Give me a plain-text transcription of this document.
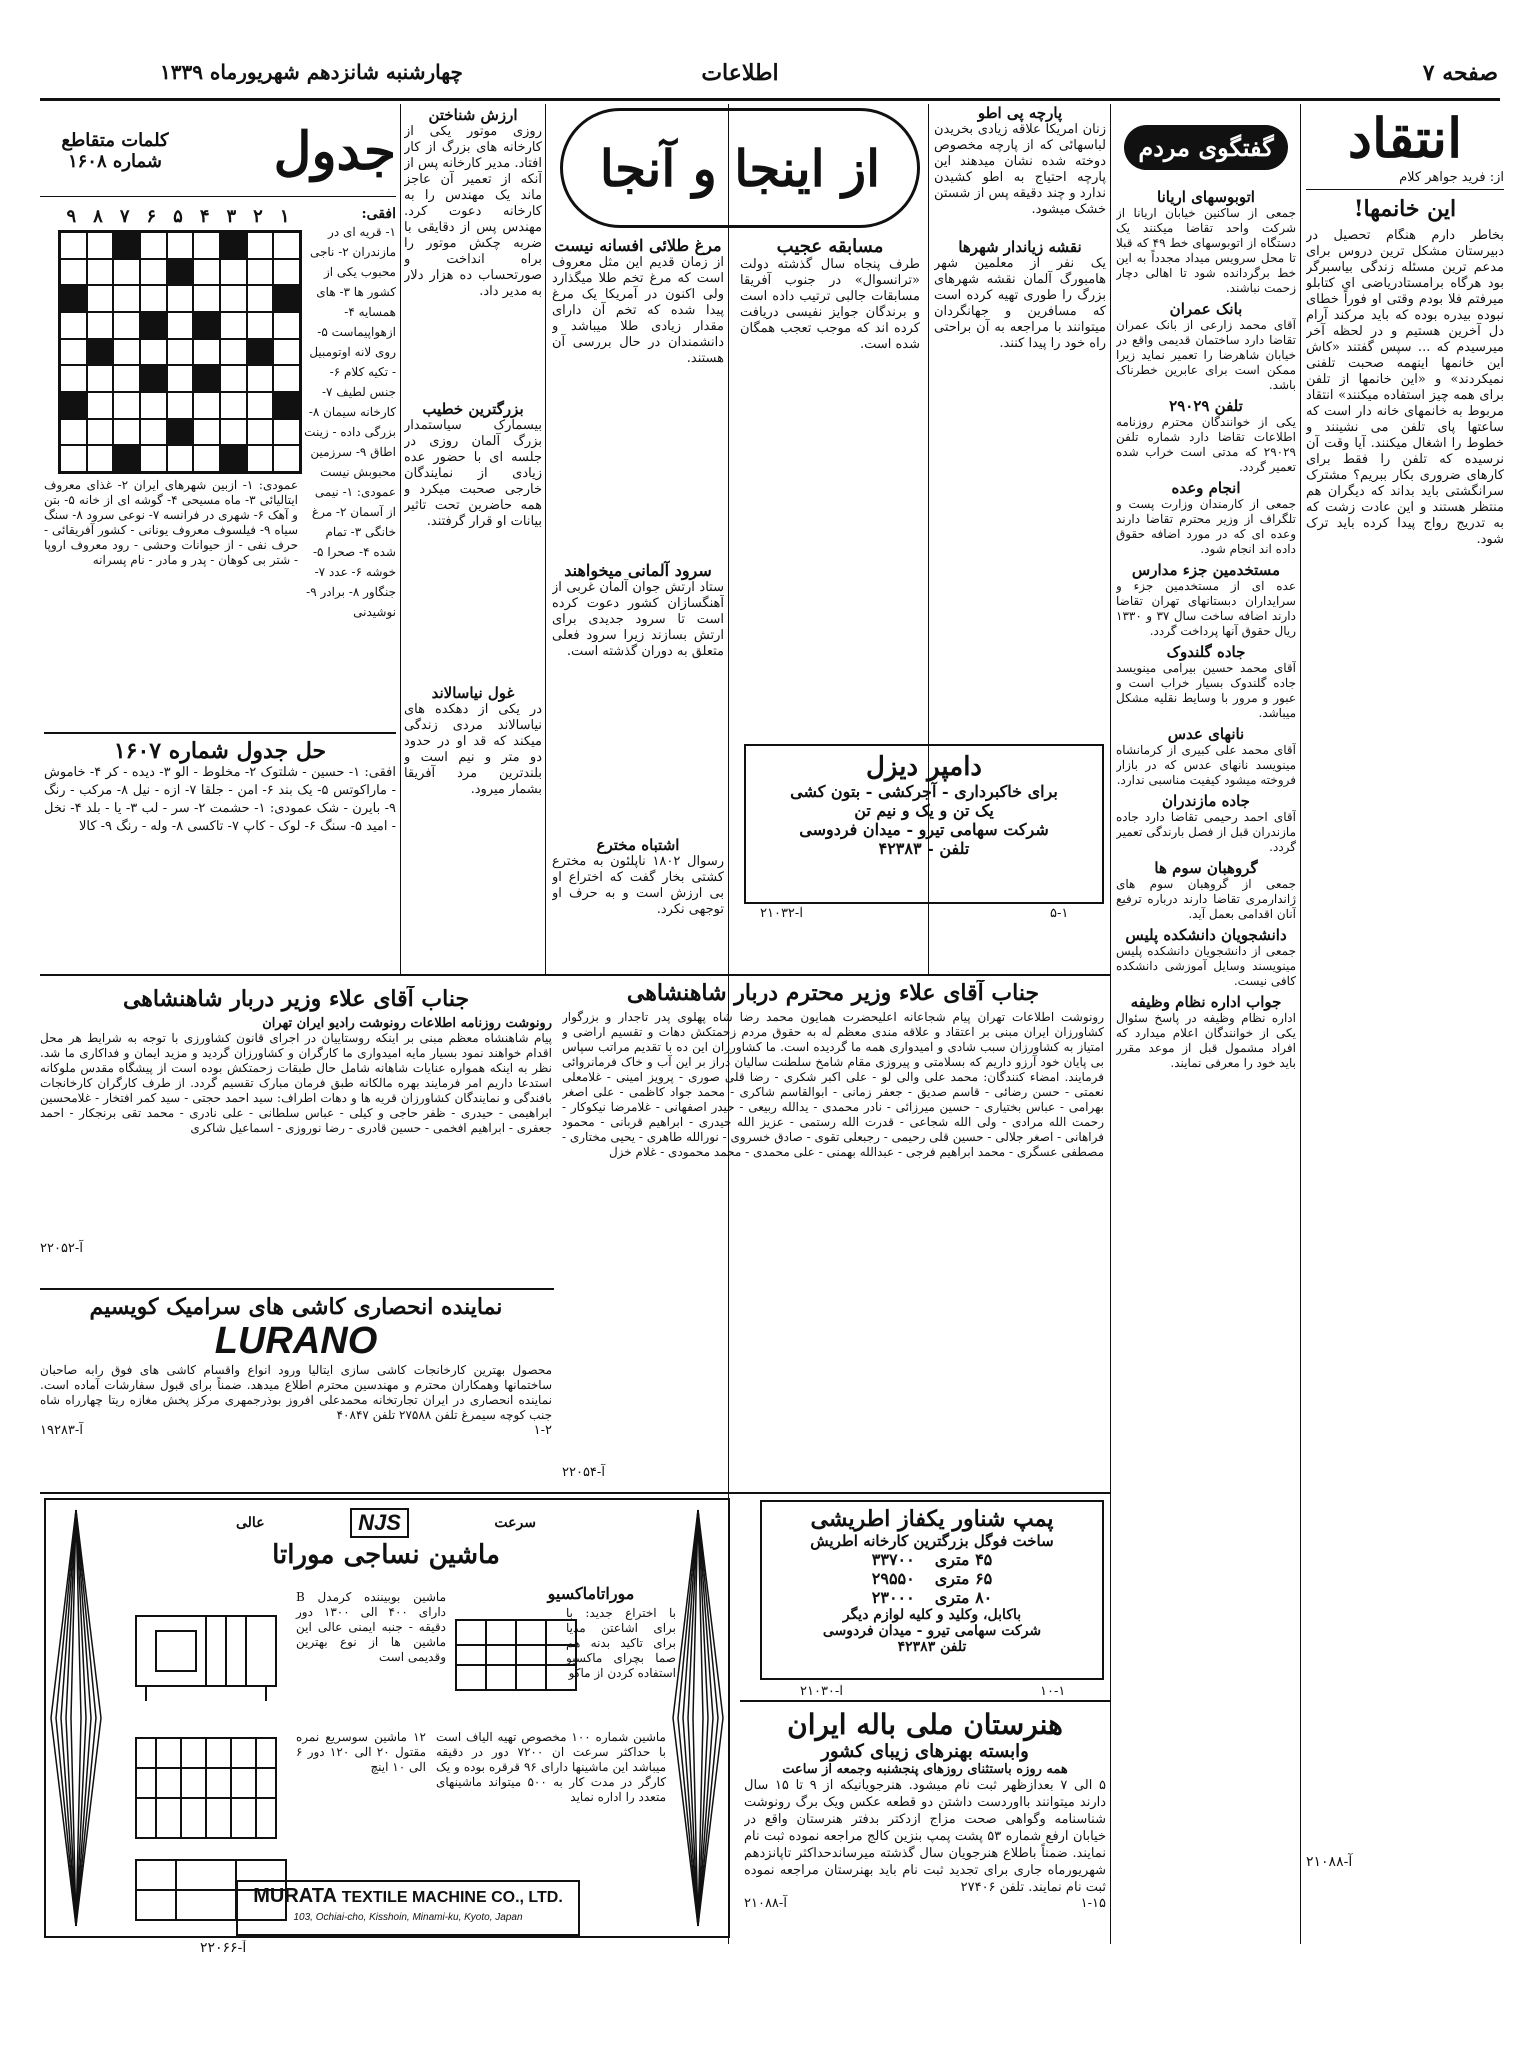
صفحه ۷
اطلاعات
چهارشنبه شانزدهم شهریورماه ۱۳۳۹
انتقاد
از: فرید جواهر کلام
این خانمها!
بخاطر دارم هنگام تحصیل در دبیرستان مشکل ترین دروس برای مدعم ترین مسئله زندگی بیاسبرگر بود هرگاه برامستادریاضی ای کتابلو میرفتم فلا بودم وقتی او فوراً خطای نبوده بیدره بوده که باید مرکند آرام دل آخرین هستیم و در لحظه آخر میرسیدم که ... سپس گفتند «کاش این خانمها اینهمه صحبت تلفنی نمیکردند» و «این خانمها از تلفن برای همه چیز استفاده میکنند» انتقاد مربوط به خانمهای خانه دار است که ساعتها پای تلفن می نشینند و خطوط را اشغال میکنند. آیا وقت آن نرسیده که تلفن را فقط برای کارهای ضروری بکار ببریم؟ مشترک سرانگشتی باید بداند که دیگران هم منتظر هستند و این عادت زشت که به تدریج رواج پیدا کرده باید ترک شود.
آ-۲۱۰۸۸
گفتگوی مردم
اتوبوسهای اریانا
جمعی از ساکنین خیابان اریانا از شرکت واحد تقاضا میکنند یک دستگاه از اتوبوسهای خط ۴۹ که قبلا تا محل سرویس میداد مجدداً به این خط برگردانده شود تا اهالی دچار زحمت نباشند.
بانک عمران
آقای محمد زارعی از بانک عمران تقاضا دارد ساختمان قدیمی واقع در خیابان شاهرضا را تعمیر نماید زیرا ممکن است برای عابرین خطرناک باشد.
تلفن ۲۹۰۲۹
یکی از خوانندگان محترم روزنامه اطلاعات تقاضا دارد شماره تلفن ۲۹۰۲۹ که مدتی است خراب شده تعمیر گردد.
انجام وعده
جمعی از کارمندان وزارت پست و تلگراف از وزیر محترم تقاضا دارند وعده ای که در مورد اضافه حقوق داده اند انجام شود.
مستخدمین جزء مدارس
عده ای از مستخدمین جزء و سرایداران دبستانهای تهران تقاضا دارند اضافه ساخت سال ۳۷ و ۱۳۳۰ ریال حقوق آنها پرداخت گردد.
جاده گلندوک
آقای محمد حسین بیرامی مینویسد جاده گلندوک بسیار خراب است و عبور و مرور با وسایط نقلیه مشکل میباشد.
نانهای عدس
آقای محمد علی کبیری از کرمانشاه مینویسد نانهای عدس که در بازار فروخته میشود کیفیت مناسبی ندارد.
جاده مازندران
آقای احمد رحیمی تقاضا دارد جاده مازندران قبل از فصل بارندگی تعمیر گردد.
گروهبان سوم ها
جمعی از گروهبان سوم های ژاندارمری تقاضا دارند درباره ترفیع آنان اقدامی بعمل آید.
دانشجویان دانشکده پلیس
جمعی از دانشجویان دانشکده پلیس مینویسند وسایل آموزشی دانشکده کافی نیست.
جواب اداره نظام وظیفه
اداره نظام وظیفه در پاسخ سئوال یکی از خوانندگان اعلام میدارد که افراد مشمول قبل از موعد مقرر باید خود را معرفی نمایند.
پارچه پی اطو
زنان امریکا علاقه زیادی بخریدن لباسهائی که از پارچه مخصوص دوخته شده نشان میدهند این پارچه احتیاج به اطو کشیدن ندارد و چند دقیقه پس از شستن خشک میشود.
نقشه زیاندار شهرها
یک نفر از معلمین شهر هامبورگ آلمان نقشه شهرهای بزرگ را طوری تهیه کرده است که مسافرین و جهانگردان میتوانند با مراجعه به آن براحتی راه خود را پیدا کنند.
از اینجا و آنجا
مسابقه عجیب
طرف پنجاه سال گذشته دولت «ترانسوال» در جنوب آفریقا مسابقات جالبی ترتیب داده است و برندگان جوایز نفیسی دریافت کرده اند که موجب تعجب همگان شده است.
مرغ طلائی افسانه نیست
از زمان قدیم این مثل معروف است که مرغ تخم طلا میگذارد ولی اکنون در آمریکا یک مرغ پیدا شده که تخم آن دارای مقدار زیادی طلا میباشد و دانشمندان در حال بررسی آن هستند.
سرود آلمانی میخواهند
ستاد ارتش جوان آلمان غربی از آهنگسازان کشور دعوت کرده است تا سرود جدیدی برای ارتش بسازند زیرا سرود فعلی متعلق به دوران گذشته است.
اشتباه مخترع
رسوال ۱۸۰۲ ناپلئون به مخترع کشتی بخار گفت که اختراع او بی ارزش است و به حرف او توجهی نکرد.
ارزش شناختن
روزی موتور یکی از کارخانه های بزرگ از کار افتاد. مدیر کارخانه پس از آنکه از تعمیر آن عاجز ماند یک مهندس را به کارخانه دعوت کرد. مهندس پس از دقایقی با ضربه چکش موتور را براه انداخت و صورتحساب ده هزار دلار به مدیر داد.
بزرگترین خطیب
بیسمارک سیاستمدار بزرگ آلمان روزی در جلسه ای با حضور عده زیادی از نمایندگان خارجی صحبت میکرد و همه حاضرین تحت تاثیر بیانات او قرار گرفتند.
غول نیاسالاند
در یکی از دهکده های نیاسالاند مردی زندگی میکند که قد او در حدود دو متر و نیم است و بلندترین مرد آفریقا بشمار میرود.
جدول
کلمات متقاطع شماره ۱۶۰۸
۱
۲
۳
۴
۵
۶
۷
۸
۹	افقی:
۱- قریه ای در مازندران ۲- ناجی محبوب یکی از کشور ها ۳- های همسایه ۴- ازهواپیماست ۵- روی لانه اوتومبیل - تکیه کلام ۶- جنس لطیف ۷- کارخانه سیمان ۸- بزرگی داده - زینت اطاق ۹- سرزمین محبوبش نیست عمودی: ۱- نیمی از آسمان ۲- مرغ خانگی ۳- تمام شده ۴- صحرا ۵- خوشه ۶- عدد ۷- جنگاور ۸- برادر ۹- نوشیدنی
عمودی: ۱- ازبین شهرهای ایران ۲- غذای معروف ایتالیائی ۳- ماه مسیحی ۴- گوشه ای از خانه ۵- بتن و آهک ۶- شهری در فرانسه ۷- نوعی سرود ۸- سنگ سیاه ۹- فیلسوف معروف یونانی - کشور آفریقائی - حرف نفی - از حیوانات وحشی - رود معروف اروپا - شتر بی کوهان - پدر و مادر - نام پسرانه
حل جدول شماره ۱۶۰۷
افقی: ۱- حسین - شلتوک ۲- مخلوط - الو ۳- دیده - کر ۴- خاموش - ماراکوتس ۵- یک بند ۶- امن - جلقا ۷- ازه - نیل ۸- مرکب - رنگ ۹- بایرن - شک عمودی: ۱- حشمت ۲- سر - لب ۳- یا - بلد ۴- نخل - امید ۵- سنگ ۶- لوک - کاپ ۷- تاکسی ۸- وله - رنگ ۹- کالا
دامپر دیزل
برای خاکبرداری - آجرکشی - بتون کشی
یک تن و یک و نیم تن
شرکت سهامی تیرو - میدان فردوسی
تلفن - ۴۲۳۸۳
آ-۲۱۰۳۲	۵-۱
جناب آقای علاء وزیر محترم دربار شاهنشاهی
رونوشت اطلاعات تهران پیام شجاعانه اعلیحضرت همایون محمد رضا شاه پهلوی پدر تاجدار و بزرگوار کشاورزان ایران مبنی بر اعتقاد و علاقه مندی معظم له به حقوق مردم زحمتکش دهات و تقسیم اراضی و امتیاز به کشاورزان سبب شادی و امیدواری همه ما گردیده است. ما کشاورزان این ده با تقدیم مراتب سپاس بی پایان خود آرزو داریم که بسلامتی و پیروزی مقام شامخ سلطنت سالیان دراز بر این آب و خاک فرمانروائی فرمایند. امضاء کنندگان: محمد علی والی لو - علی اکبر شکری - رضا قلی صوری - پرویز امینی - غلامعلی نعمتی - حسن رضائی - قاسم صدیق - جعفر زمانی - ابوالقاسم شاکری - محمد جواد کاظمی - علی اصغر بهرامی - عباس بختیاری - حسین میرزائی - نادر محمدی - یدالله ربیعی - حیدر اصفهانی - غلامرضا نیکوکار - رحمت الله مرادی - ولی الله شجاعی - قدرت الله رستمی - عزیز الله حیدری - ابراهیم قربانی - محمود فراهانی - اصغر جلالی - حسین قلی رحیمی - رجبعلی تقوی - صادق خسروی - نورالله طاهری - یحیی مختاری - مصطفی عسگری - محمد ابراهیم فرجی - عبدالله بهمنی - علی محمدی - محمد محمودی - غلام خزل
آ-۲۲۰۵۴
جناب آقای علاء وزیر دربار شاهنشاهی
رونوشت روزنامه اطلاعات رونوشت رادیو ایران تهران
پیام شاهنشاه معظم مبنی بر اینکه روستاییان در اجرای قانون کشاورزی با توجه به شرایط هر محل اقدام خواهند نمود بسیار مایه امیدواری ما کارگران و کشاورزان گردید و مزید ایمان و فداکاری ما شد. نظر به اینکه همواره عنایات شاهانه شامل حال طبقات زحمتکش بوده است از پیشگاه مقدس ملوکانه استدعا داریم امر فرمایند بهره مالکانه طبق فرمان مبارک تقسیم گردد. از طرف کارگران کارخانجات بافندگی و نمایندگان کشاورزان قریه ها و دهات اطراف: سید احمد حجتی - سید کمر افتخار - غلامحسین ابراهیمی - حیدری - ظفر حاجی و کیلی - عباس سلطانی - علی نادری - محمد تقی برنجکار - احمد جعفری - ابراهیم افخمی - حسین قادری - رضا نوروزی - اسماعیل شاکری
آ-۲۲۰۵۲
نماینده انحصاری کاشی های سرامیک کویسیم
LURANO
محصول بهترین کارخانجات کاشی سازی ایتالیا ورود انواع واقسام کاشی های فوق رابه صاحبان ساختمانها وهمکاران محترم و مهندسین محترم اطلاع میدهد. ضمناً برای قبول سفارشات آماده است. نماینده انحصاری در ایران تجارتخانه محمدعلی افروز بوذرجمهری مرکز پخش مغازه ریتا چهارراه شاه جنب کوچه سیمرغ تلفن ۲۷۵۸۸ تلفن ۴۰۸۴۷
آ-۱۹۲۸۳	۱-۲
عالی	NJS	سرعت
ماشین نساجی موراتا
موراتاماکسیو
با اختراع جدید: با برای اشاعتن مدیا برای تاکید بدنه هم صما بچرای ماکسیو استفاده کردن از ماکو
ماشین بوبیننده کرمدل B دارای ۴۰۰ الی ۱۳۰۰ دور دقیقه - جنبه ایمنی عالی این ماشین ها از نوع بهترین وقدیمی است
۱۲ ماشین سوسریع نمره مقتول ۲۰ الی ۱۲۰ دور ۶ الی ۱۰ اینچ
ماشین شماره ۱۰۰ مخصوص تهیه الیاف است با حداکثر سرعت ان ۷۲۰۰ دور در دقیقه میباشد این ماشینها دارای ۹۶ قرقره بوده و یک کارگر در مدت کار به ۵۰۰ میتواند ماشینهای متعدد را اداره نماید
MURATA TEXTILE MACHINE CO., LTD.
103, Ochiai-cho, Kisshoin, Minami-ku, Kyoto, Japan
آ-۲۲۰۶۶
پمپ شناور یکفاز اطریشی
ساخت فوگل بزرگترین کارخانه اطریش
۴۵ متری
۳۳۷۰۰
۶۵ متری
۲۹۵۵۰
۸۰ متری
۲۳۰۰۰
باکابل، وکلید و کلیه لوازم دیگر
شرکت سهامی تیرو - میدان فردوسی
تلفن ۴۲۳۸۳
آ-۲۱۰۳۰	۱۰-۱
هنرستان ملی باله ایران
وابسته بهنرهای زیبای کشور
همه روزه باستثنای روزهای پنجشنبه وجمعه از ساعت
۵ الی ۷ بعدازظهر ثبت نام میشود. هنرجویانیکه از ۹ تا ۱۵ سال دارند میتوانند بااوردست داشتن دو قطعه عکس ویک برگ رونوشت شناسنامه وگواهی صحت مزاج ازدکتر بدفتر هنرستان واقع در خیابان ارفع شماره ۵۳ پشت پمپ بنزین کالج مراجعه نموده ثبت نام نمایند. ضمناً باطلاع هنرجویان سال گذشته میرساندحداکثر تاپانزدهم شهریورماه جاری برای تجدید ثبت نام باید بهنرستان مراجعه نموده ثبت نام نمایند. تلفن ۲۷۴۰۶
آ-۲۱۰۸۸	۱-۱۵
